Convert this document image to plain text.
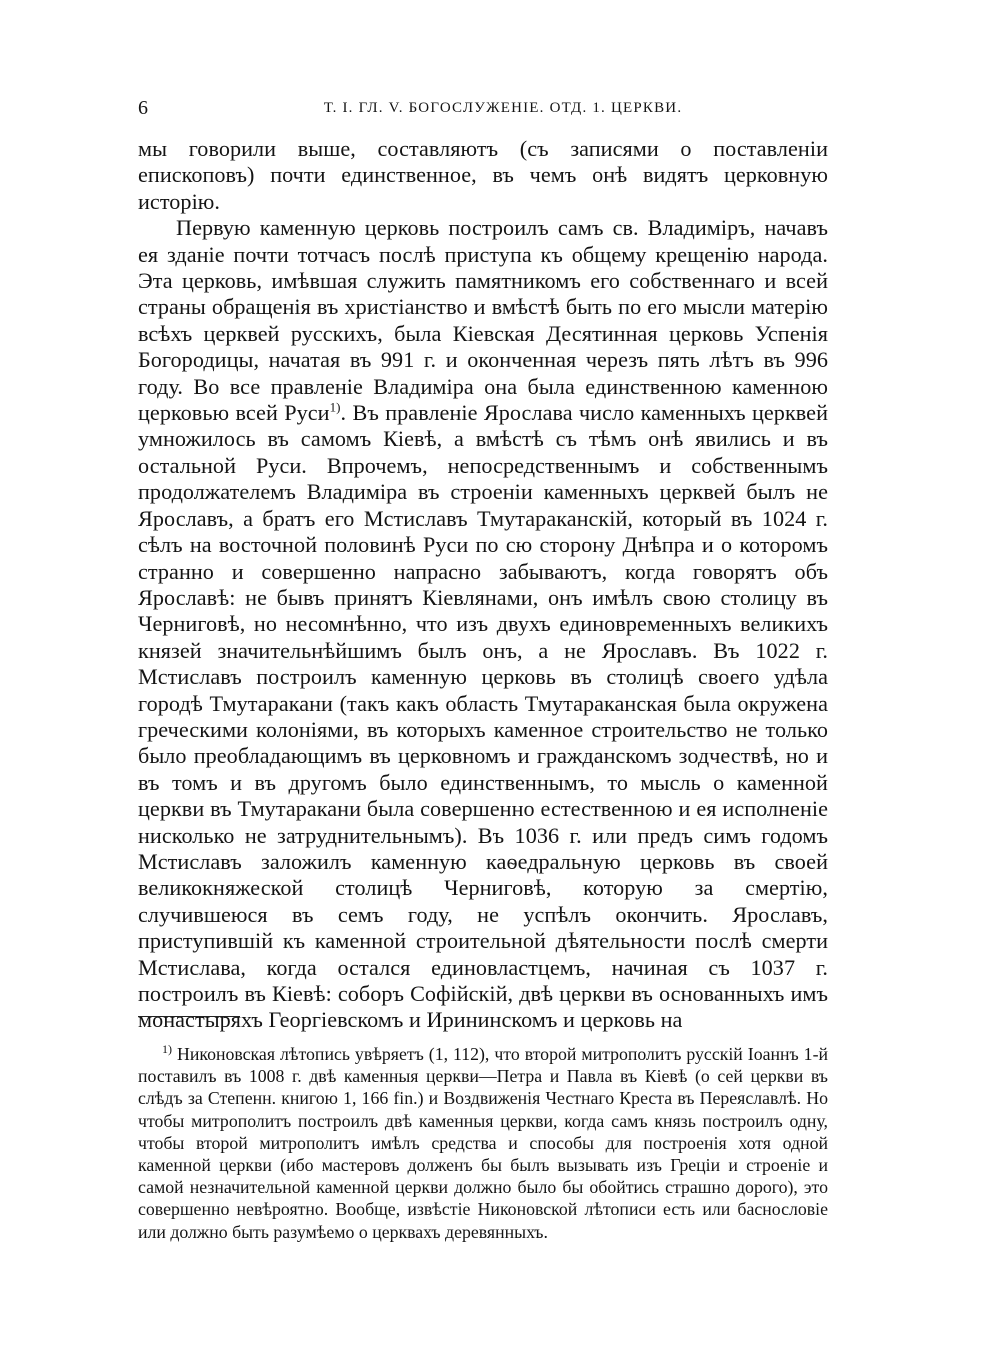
6	Т. I. ГЛ. V. БОГОСЛУЖЕНІЕ. ОТД. 1. ЦЕРКВИ.

мы говорили выше, составляютъ (съ записями о поставленіи епископовъ) почти единственное, въ чемъ онѣ видятъ церковную исторію.

Первую каменную церковь построилъ самъ св. Владиміръ, начавъ ея зданіе почти тотчасъ послѣ приступа къ общему крещенію народа. Эта церковь, имѣвшая служить памятникомъ его собственнаго и всей страны обращенія въ христіанство и вмѣстѣ быть по его мысли матерію всѣхъ церквей русскихъ, была Кіевская Десятинная церковь Успенія Богородицы, начатая въ 991 г. и оконченная черезъ пять лѣтъ въ 996 году. Во все правленіе Владиміра она была единственною каменною церковью всей Руси$^{1)}$. Въ правленіе Ярослава число каменныхъ церквей умножилось въ самомъ Кіевѣ, а вмѣстѣ съ тѣмъ онѣ явились и въ остальной Руси. Впрочемъ, непосредственнымъ и собственнымъ продолжателемъ Владиміра въ строеніи каменныхъ церквей былъ не Ярославъ, а братъ его Мстиславъ Тмутараканскій, который въ 1024 г. сѣлъ на восточной половинѣ Руси по сю сторону Днѣпра и о которомъ странно и совершенно напрасно забываютъ, когда говорятъ объ Ярославѣ: не бывъ принятъ Кіевлянами, онъ имѣлъ свою столицу въ Черниговѣ, но несомнѣнно, что изъ двухъ единовременныхъ великихъ князей значительнѣйшимъ былъ онъ, а не Ярославъ. Въ 1022 г. Мстиславъ построилъ каменную церковь въ столицѣ своего удѣла городѣ Тмутаракани (такъ какъ область Тмутараканская была окружена греческими колоніями, въ которыхъ каменное строительство не только было преобладающимъ въ церковномъ и гражданскомъ зодчествѣ, но и въ томъ и въ другомъ было единственнымъ, то мысль о каменной церкви въ Тмутаракани была совершенно естественною и ея исполненіе нисколько не затруднительнымъ). Въ 1036 г. или предъ симъ годомъ Мстиславъ заложилъ каменную каѳедральную церковь въ своей великокняжеской столицѣ Черниговѣ, которую за смертію, случившеюся въ семъ году, не успѣлъ окончить. Ярославъ, приступившій къ каменной строительной дѣятельности послѣ смерти Мстислава, когда остался единовластцемъ, начиная съ 1037 г. построилъ въ Кіевѣ: соборъ Софійскій, двѣ церкви въ основанныхъ имъ монастыряхъ Георгіевскомъ и Ирининскомъ и церковь на

$^{1)}$ Никоновская лѣтопись увѣряетъ (1, 112), что второй митрополитъ русскій Іоаннъ 1-й поставилъ въ 1008 г. двѣ каменныя церкви—Петра и Павла въ Кіевѣ (о сей церкви въ слѣдъ за Степенн. книгою 1, 166 fin.) и Воздвиженія Честнаго Креста въ Переяславлѣ. Но чтобы митрополитъ построилъ двѣ каменныя церкви, когда самъ князь построилъ одну, чтобы второй митрополитъ имѣлъ средства и способы для построенія хотя одной каменной церкви (ибо мастеровъ долженъ бы былъ вызывать изъ Греціи и строеніе и самой незначительной каменной церкви должно было бы обойтись страшно дорого), это совершенно невѣроятно. Вообще, извѣстіе Никоновской лѣтописи есть или баснословіе или должно быть разумѣемо о церквахъ деревянныхъ.
